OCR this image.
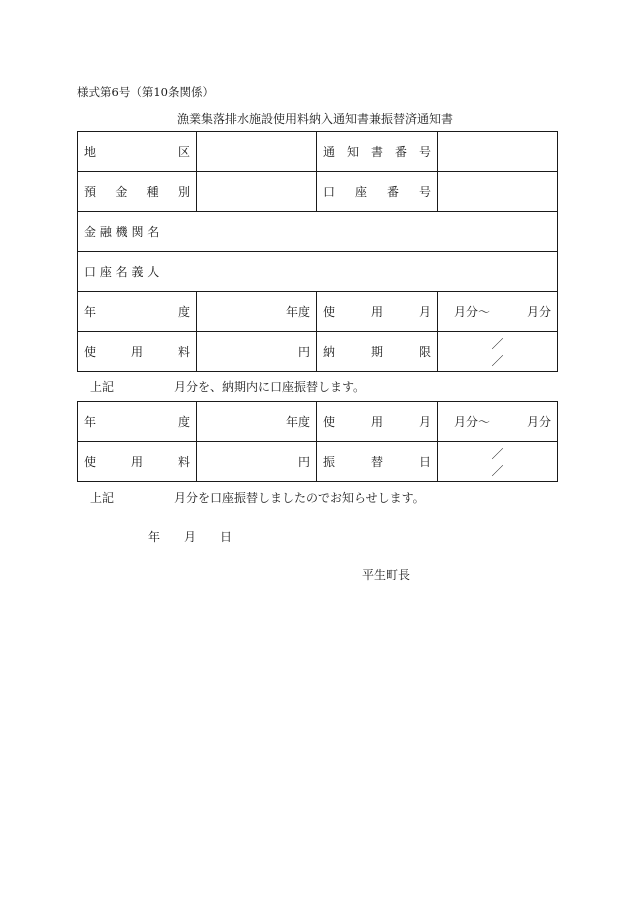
様式第6号（第10条関係）
漁業集落排水施設使用料納入通知書兼振替済通知書
地 区		通 知 書 番 号	

預 金 種 別		口 座 番 号	

金 融 機 関 名			
口 座 名 義 人			

年 度	年度	使 用 月	月分～ 月分

使 用 料	円	納 期 限	／／
上記	月分を、納期内に口座振替します。
年 度	年度	使 用 月	月分～ 月分

使 用 料	円	振 替 日	／／
上記	月分を口座振替しましたのでお知らせします。
年 月 日
平生町長
